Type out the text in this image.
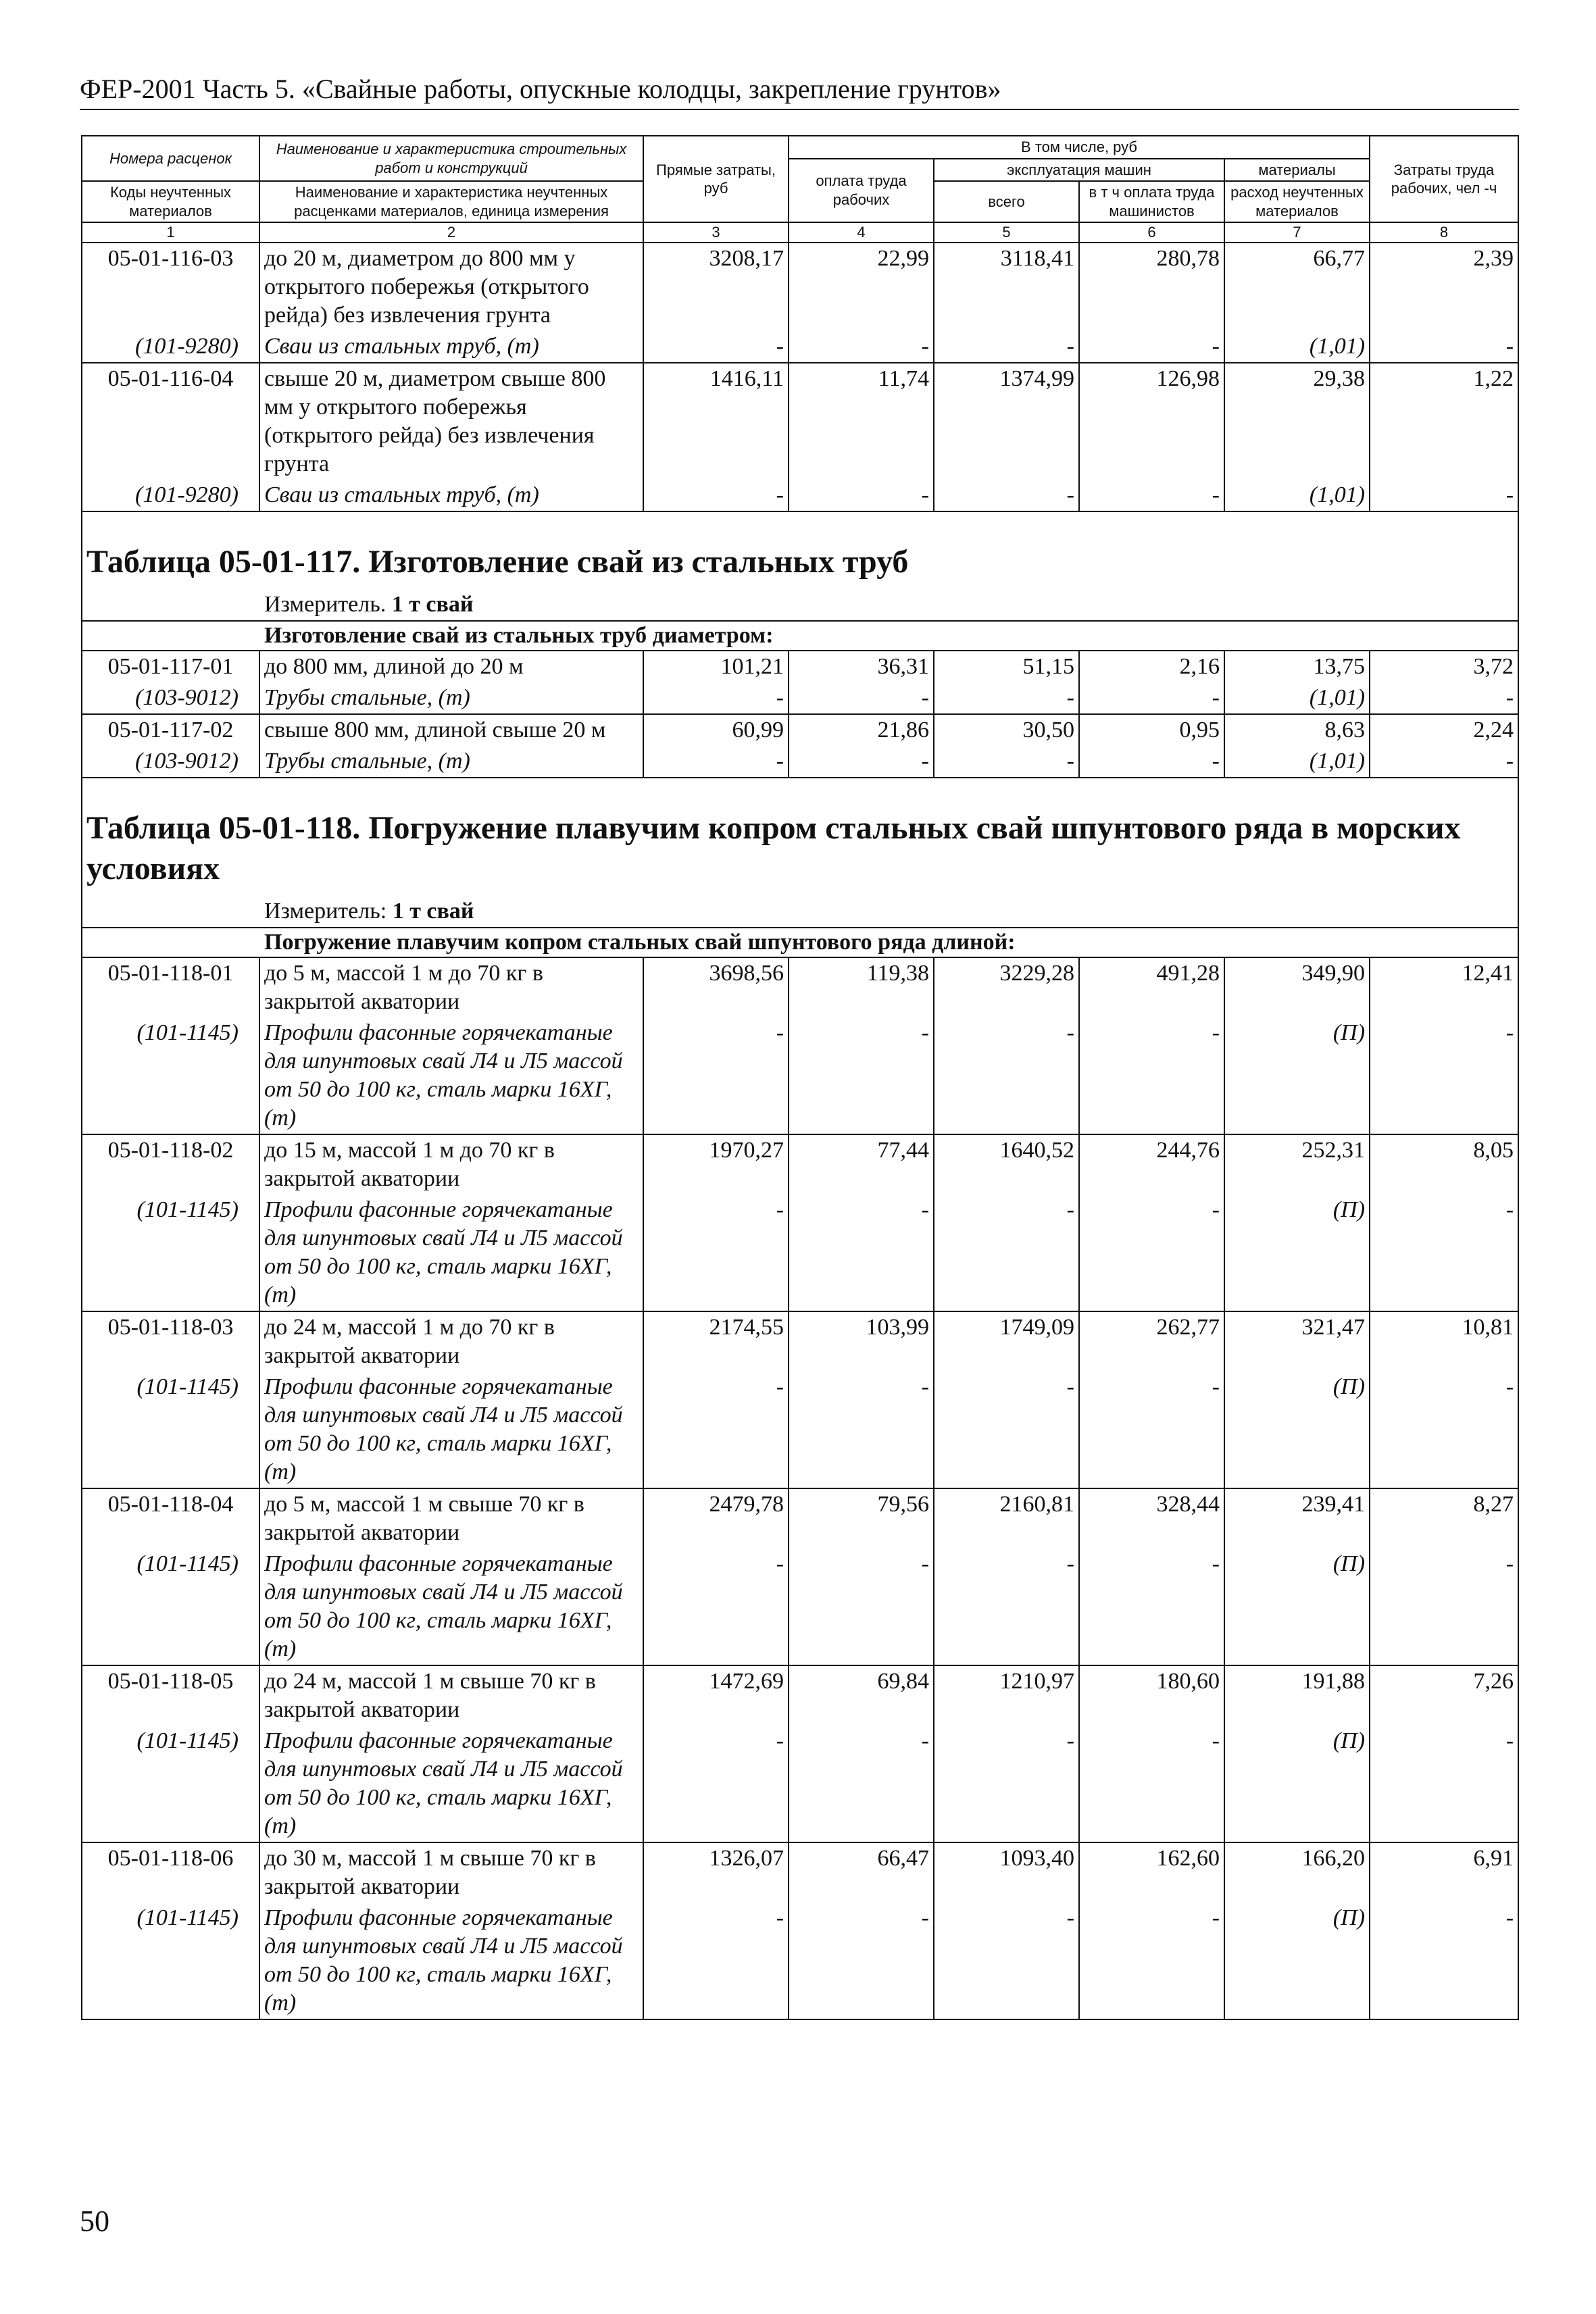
ФЕР-2001 Часть 5. «Свайные работы, опускные колодцы, закрепление грунтов»
Номера расценок	Наименование и характеристика строительных работ и конструкций	Прямые затраты, руб	В том числе, руб				Затраты труда рабочих, чел -ч
			оплата труда рабочих	эксплуатация машин		материалы	
Коды неучтенных материалов	Наименование и характеристика неучтенных расценками материалов, единица измерения			всего	в т ч оплата труда машинистов	расход неучтенных материалов	

1	2	3	4	5	6	7	8
05-01-116-03	до 20 м, диаметром до 800 мм у открытого побережья (открытого рейда) без извлечения грунта	3208,17	22,99	3118,41	280,78	66,77	2,39
(101-9280)	Сваи из стальных труб, (т)	-	-	-	-	(1,01)	-
05-01-116-04	свыше 20 м, диаметром свыше 800 мм у открытого побережья (открытого рейда) без извлечения грунта	1416,11	11,74	1374,99	126,98	29,38	1,22
(101-9280)	Сваи из стальных труб, (т)	-	-	-	-	(1,01)	-
Таблица 05-01-117. Изготовление свай из стальных труб							
Измеритель. 1 т свай							
Изготовление свай из стальных труб диаметром:							
05-01-117-01	до 800 мм, длиной до 20 м	101,21	36,31	51,15	2,16	13,75	3,72
(103-9012)	Трубы стальные, (т)	-	-	-	-	(1,01)	-
05-01-117-02	свыше 800 мм, длиной свыше 20 м	60,99	21,86	30,50	0,95	8,63	2,24
(103-9012)	Трубы стальные, (т)	-	-	-	-	(1,01)	-
Таблица 05-01-118. Погружение плавучим копром стальных свай шпунтового ряда в морских условиях							
Измеритель: 1 т свай							
Погружение плавучим копром стальных свай шпунтового ряда длиной:							
05-01-118-01	до 5 м, массой 1 м до 70 кг в закрытой акватории	3698,56	119,38	3229,28	491,28	349,90	12,41
(101-1145)	Профили фасонные горячекатаные для шпунтовых свай Л4 и Л5 массой от 50 до 100 кг, сталь марки 16ХГ, (т)	-	-	-	-	(П)	-
05-01-118-02	до 15 м, массой 1 м до 70 кг в закрытой акватории	1970,27	77,44	1640,52	244,76	252,31	8,05
(101-1145)	Профили фасонные горячекатаные для шпунтовых свай Л4 и Л5 массой от 50 до 100 кг, сталь марки 16ХГ, (т)	-	-	-	-	(П)	-
05-01-118-03	до 24 м, массой 1 м до 70 кг в закрытой акватории	2174,55	103,99	1749,09	262,77	321,47	10,81
(101-1145)	Профили фасонные горячекатаные для шпунтовых свай Л4 и Л5 массой от 50 до 100 кг, сталь марки 16ХГ, (т)	-	-	-	-	(П)	-
05-01-118-04	до 5 м, массой 1 м свыше 70 кг в закрытой акватории	2479,78	79,56	2160,81	328,44	239,41	8,27
(101-1145)	Профили фасонные горячекатаные для шпунтовых свай Л4 и Л5 массой от 50 до 100 кг, сталь марки 16ХГ, (т)	-	-	-	-	(П)	-
05-01-118-05	до 24 м, массой 1 м свыше 70 кг в закрытой акватории	1472,69	69,84	1210,97	180,60	191,88	7,26
(101-1145)	Профили фасонные горячекатаные для шпунтовых свай Л4 и Л5 массой от 50 до 100 кг, сталь марки 16ХГ, (т)	-	-	-	-	(П)	-
05-01-118-06	до 30 м, массой 1 м свыше 70 кг в закрытой акватории	1326,07	66,47	1093,40	162,60	166,20	6,91
(101-1145)	Профили фасонные горячекатаные для шпунтовых свай Л4 и Л5 массой от 50 до 100 кг, сталь марки 16ХГ, (т)	-	-	-	-	(П)	-
50
